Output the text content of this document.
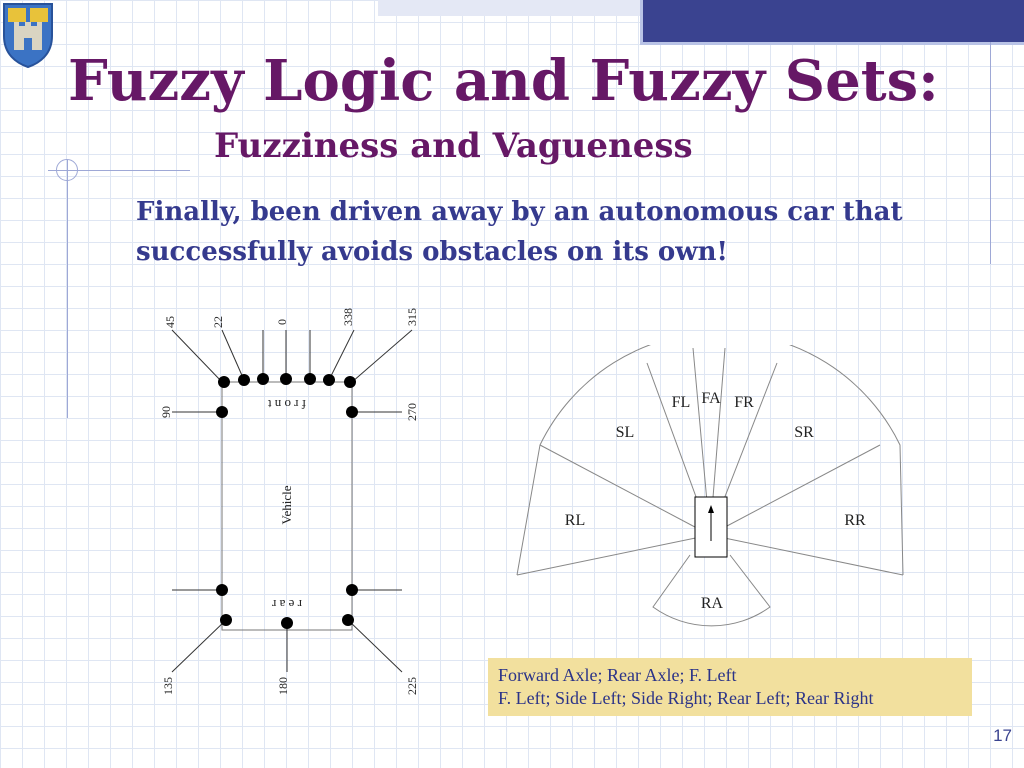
Fuzzy Logic and Fuzzy Sets:
Fuzziness and Vagueness

Finally, been driven away by an autonomous car that successfully avoids obstacles on its own!

45	22	0	338	315
90	270
135	180	225
f r o n t
r e a r
Vehicle
FL FA FR
SL	SR
RL	RR
RA
Forward Axle; Rear Axle; F. Left
F. Left; Side Left; Side Right; Rear Left; Rear Right
17
